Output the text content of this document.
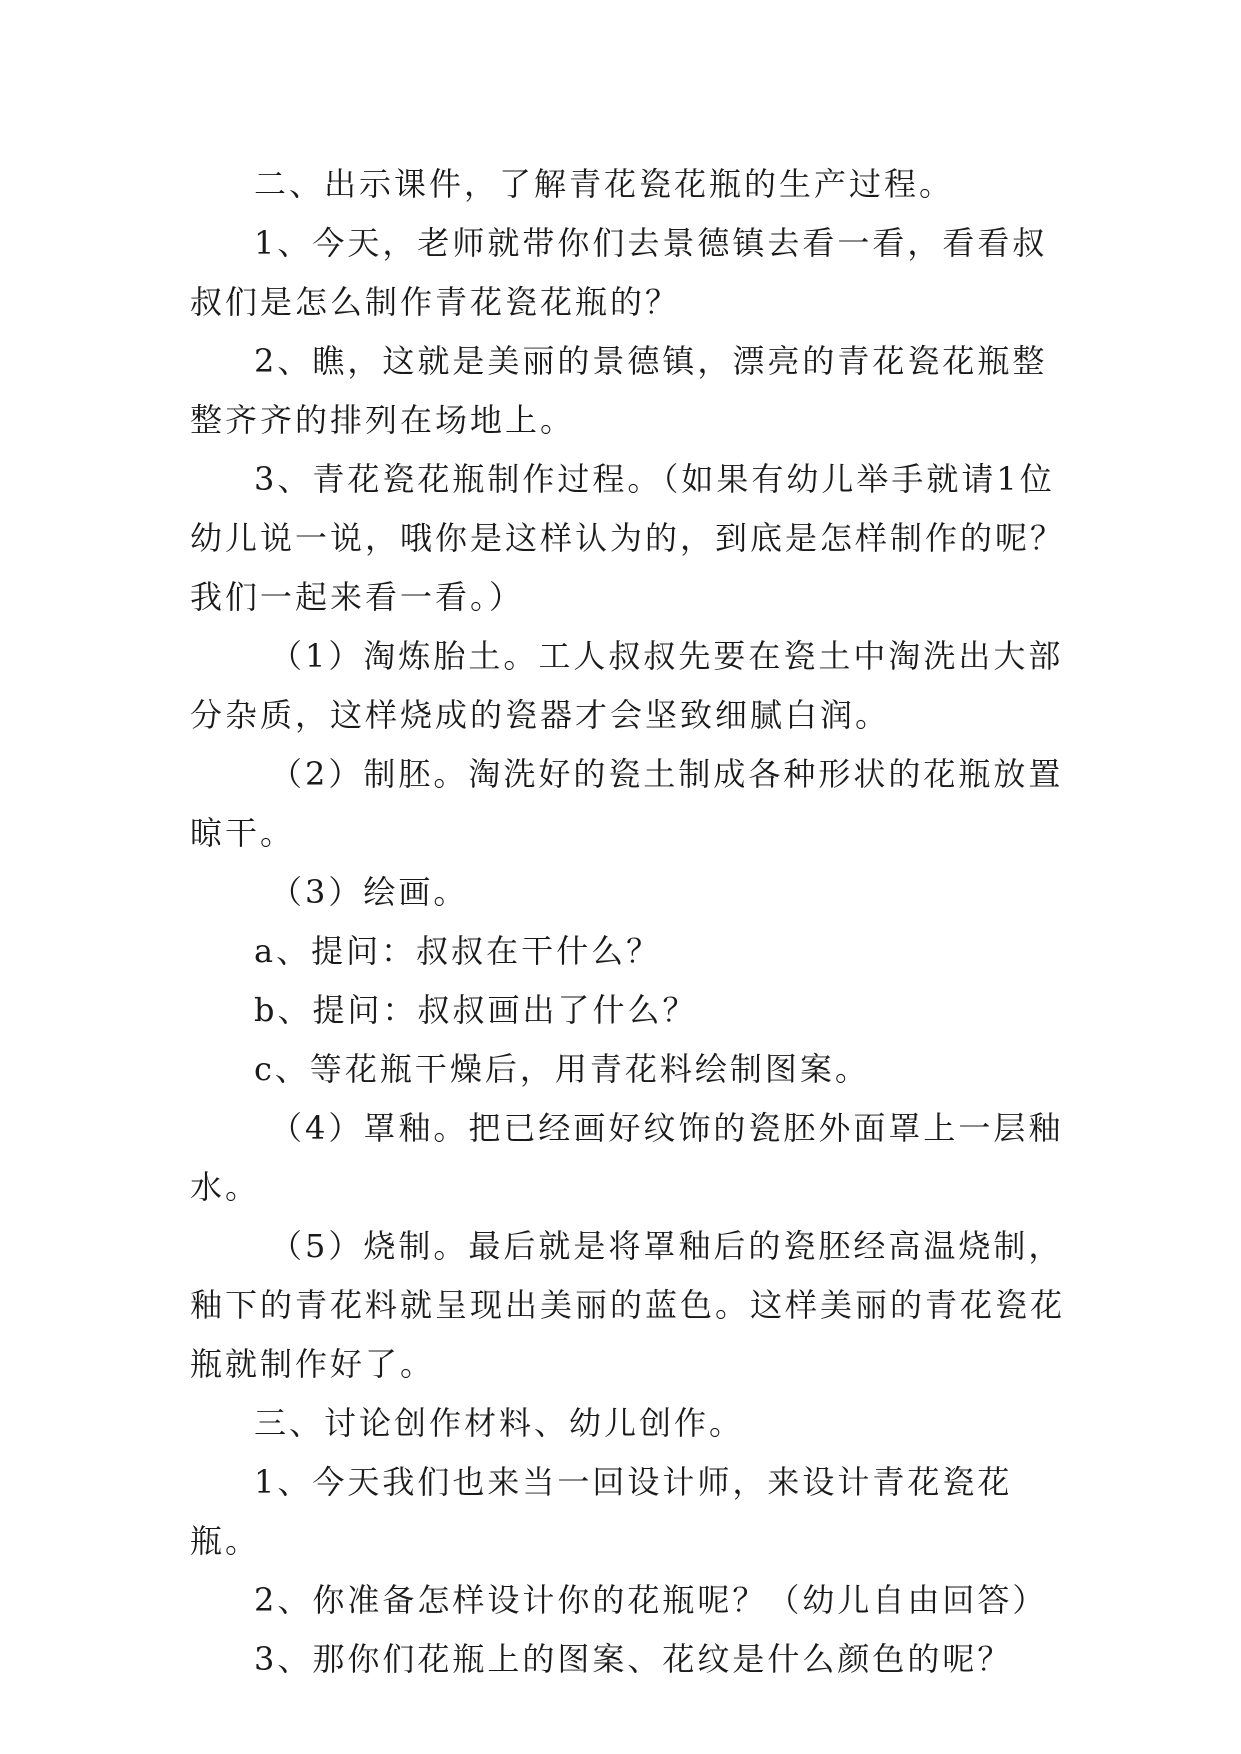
二、出示课件，了解青花瓷花瓶的生产过程。

1、今天，老师就带你们去景德镇去看一看，看看叔叔们是怎么制作青花瓷花瓶的？

2、瞧，这就是美丽的景德镇，漂亮的青花瓷花瓶整整齐齐的排列在场地上。

3、青花瓷花瓶制作过程。（如果有幼儿举手就请1位幼儿说一说，哦你是这样认为的，到底是怎样制作的呢？我们一起来看一看。）

（1）淘炼胎土。工人叔叔先要在瓷土中淘洗出大部分杂质，这样烧成的瓷器才会坚致细腻白润。

（2）制胚。淘洗好的瓷土制成各种形状的花瓶放置晾干。

（3）绘画。

a、提问：叔叔在干什么？

b、提问：叔叔画出了什么？

c、等花瓶干燥后，用青花料绘制图案。

（4）罩釉。把已经画好纹饰的瓷胚外面罩上一层釉水。

（5）烧制。最后就是将罩釉后的瓷胚经高温烧制，釉下的青花料就呈现出美丽的蓝色。这样美丽的青花瓷花瓶就制作好了。

三、讨论创作材料、幼儿创作。

1、今天我们也来当一回设计师，来设计青花瓷花瓶。

2、你准备怎样设计你的花瓶呢？（幼儿自由回答）

3、那你们花瓶上的图案、花纹是什么颜色的呢？
